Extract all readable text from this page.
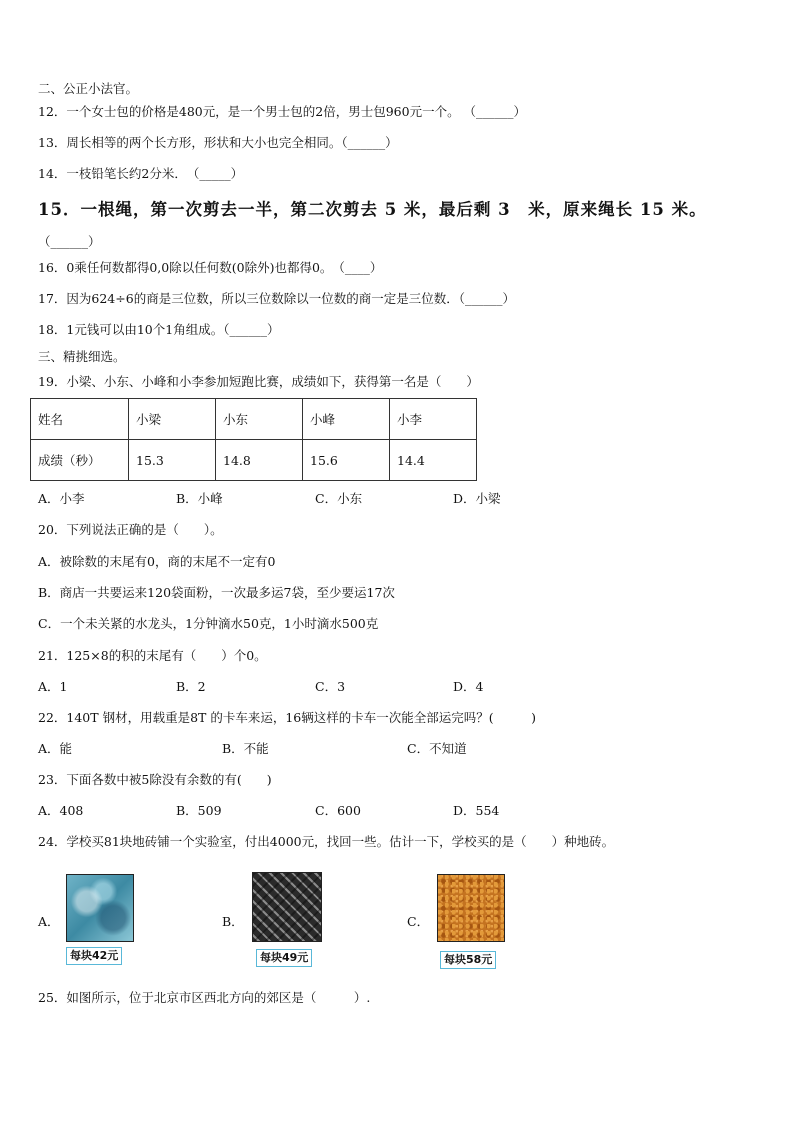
二、公正小法官。
12．一个女士包的价格是480元，是一个男士包的2倍，男士包960元一个。 （______）
13．周长相等的两个长方形，形状和大小也完全相同。（______）
14．一枝铅笔长约2分米．　（_____）
15．一根绳，第一次剪去一半，第二次剪去 5 米，最后剩 3　米，原来绳长 15 米。
（______）
16．0乘任何数都得0,0除以任何数(0除外)也都得0。　（____）
17．因为624÷6的商是三位数，所以三位数除以一位数的商一定是三位数．（______）
18．1元钱可以由10个1角组成。（______）
三、精挑细选。
19．小梁、小东、小峰和小李参加短跑比赛，成绩如下，获得第一名是（　　）
姓名	小梁	小东	小峰	小李
成绩（秒）	15.3	14.8	15.6	14.4
A．小李	B．小峰	C．小东	D．小梁
20．下列说法正确的是（　　）。
A．被除数的末尾有0，商的末尾不一定有0
B．商店一共要运来120袋面粉，一次最多运7袋，至少要运17次
C．一个未关紧的水龙头，1分钟滴水50克，1小时滴水500克
21．125×8的积的末尾有（　　）个0。
A．1	B．2	C．3	D．4
22．140T 钢材，用载重是8T 的卡车来运，16辆这样的卡车一次能全部运完吗？(　　　)
A．能	B．不能	C．不知道
23．下面各数中被5除没有余数的有(　　)
A．408	B．509	C．600	D．554
24．学校买81块地砖铺一个实验室，付出4000元，找回一些。估计一下，学校买的是（　　）种地砖。
A．
每块42元
B．
每块49元
C．
每块58元
25．如图所示，位于北京市区西北方向的郊区是（　　　）.
